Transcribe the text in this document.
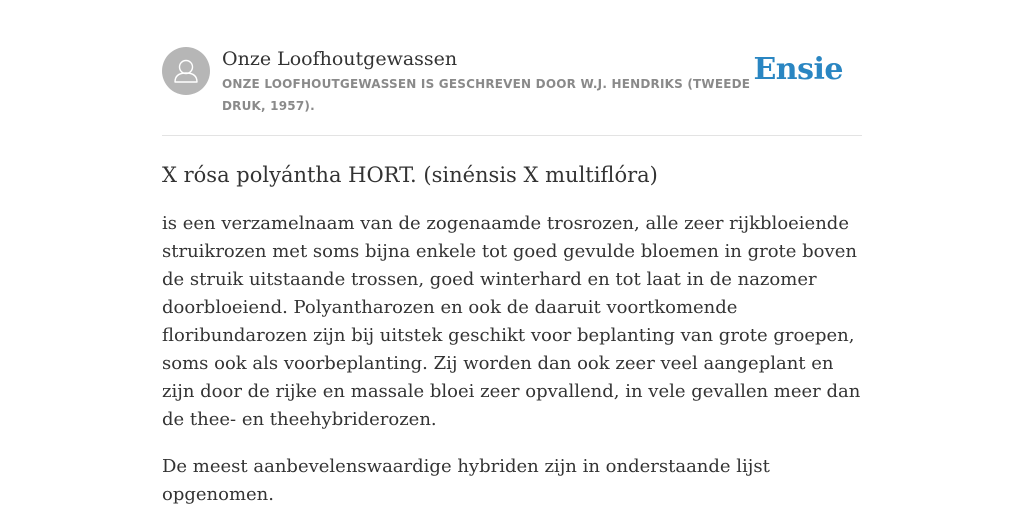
Onze Loofhoutgewassen
ONZE LOOFHOUTGEWASSEN IS GESCHREVEN DOOR W.J. HENDRIKS (TWEEDE DRUK, 1957).
Ensie
X rósa polyántha HORT. (sinénsis X multiflóra)

is een verzamelnaam van de zogenaamde trosrozen, alle zeer rijkbloeiende struikrozen met soms bijna enkele tot goed gevulde bloemen in grote boven de struik uitstaande trossen, goed winterhard en tot laat in de nazomer doorbloeiend. Polyantharozen en ook de daaruit voortkomende floribundarozen zijn bij uitstek geschikt voor beplanting van grote groepen, soms ook als voorbeplanting. Zij worden dan ook zeer veel aangeplant en zijn door de rijke en massale bloei zeer opvallend, in vele gevallen meer dan de thee- en theehybriderozen.

De meest aanbevelenswaardige hybriden zijn in onderstaande lijst opgenomen.
